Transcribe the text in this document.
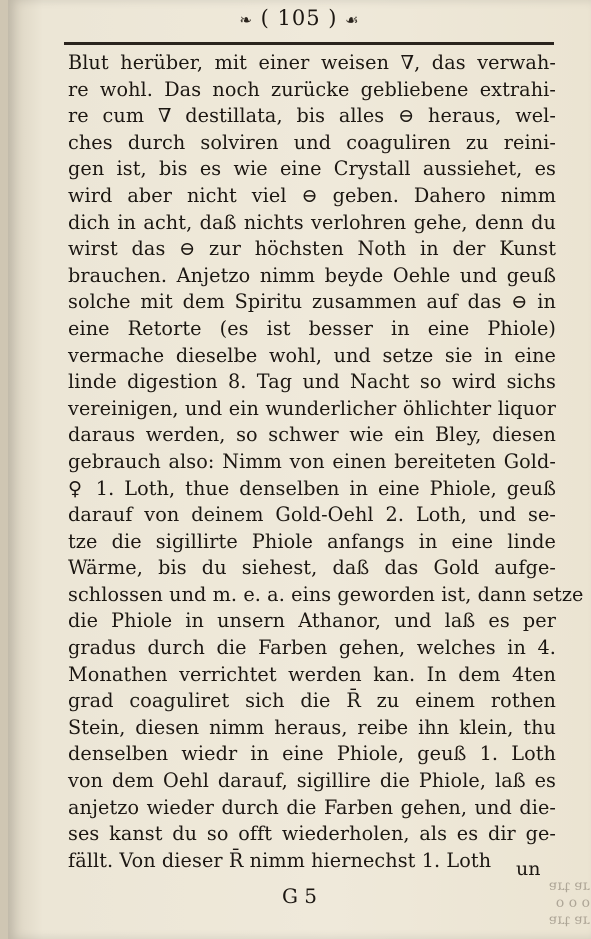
❧ ( 105 ) ☙
Blut herüber, mit einer weisen ∇, das verwah-
re wohl. Das noch zurücke gebliebene extrahi-
re cum ∇ destillata, bis alles ⊖ heraus, wel-
ches durch solviren und coaguliren zu reini-
gen ist, bis es wie eine Crystall aussiehet, es
wird aber nicht viel ⊖ geben. Dahero nimm
dich in acht, daß nichts verlohren gehe, denn du
wirst das ⊖ zur höchsten Noth in der Kunst
brauchen. Anjetzo nimm beyde Oehle und geuß
solche mit dem Spiritu zusammen auf das ⊖ in
eine Retorte (es ist besser in eine Phiole)
vermache dieselbe wohl, und setze sie in eine
linde digestion 8. Tag und Nacht so wird sichs
vereinigen, und ein wunderlicher öhlichter liquor
daraus werden, so schwer wie ein Bley, diesen
gebrauch also: Nimm von einen bereiteten Gold-
♀ 1. Loth, thue denselben in eine Phiole, geuß
darauf von deinem Gold-Oehl 2. Loth, und se-
tze die sigillirte Phiole anfangs in eine linde
Wärme, bis du siehest, daß das Gold aufge-
schlossen und m. e. a. eins geworden ist, dann setze
die Phiole in unsern Athanor, und laß es per
gradus durch die Farben gehen, welches in 4.
Monathen verrichtet werden kan. In dem 4ten
grad coaguliret sich die R̄ zu einem rothen
Stein, diesen nimm heraus, reibe ihn klein, thu
denselben wiedr in eine Phiole, geuß 1. Loth
von dem Oehl darauf, sigillire die Phiole, laß es
anjetzo wieder durch die Farben gehen, und die-
ses kanst du so offt wiederholen, als es dir ge-
fällt. Von dieser R̄ nimm hiernechst 1. Loth	un
G 5	ɹɐ ʇɹɐ
o o o
ɹɐ ʇɹɐ
